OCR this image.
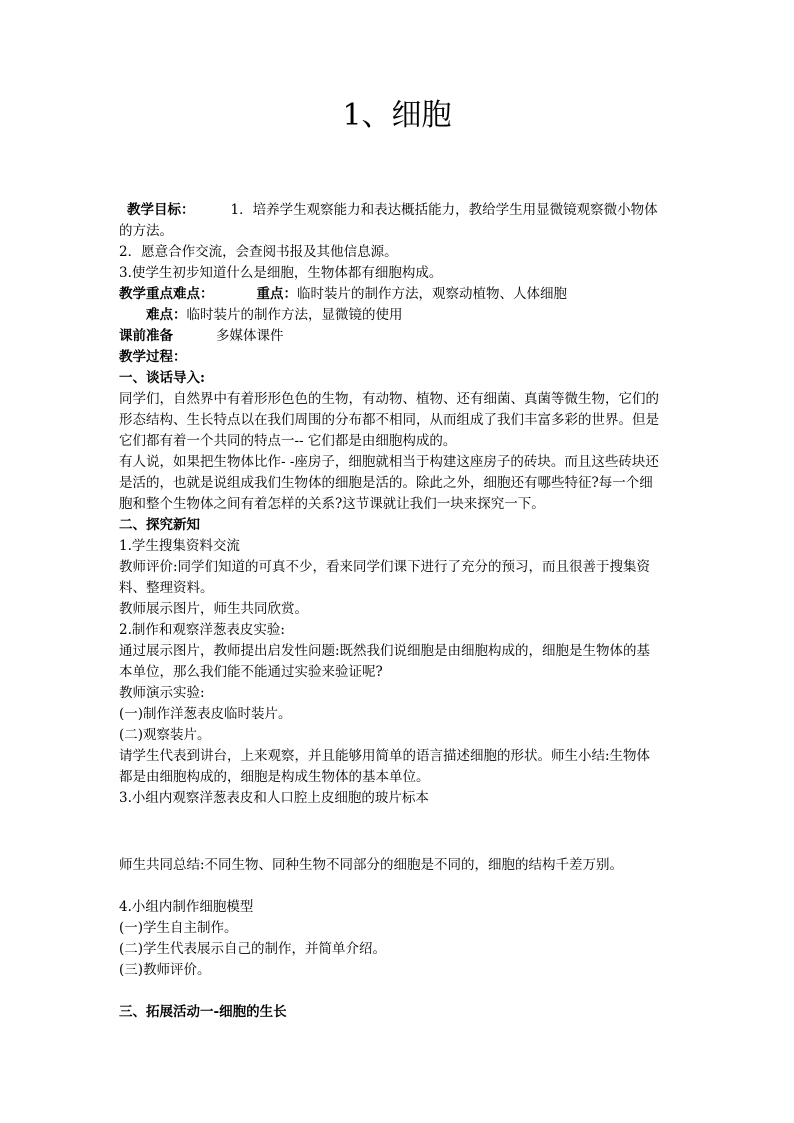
1、细胞

教学目标：	1．培养学生观察能力和表达概括能力，教给学生用显微镜观察微小物体

的方法。

2．愿意合作交流，会查阅书报及其他信息源。

3.使学生初步知道什么是细胞，生物体都有细胞构成。

教学重点难点：	重点：临时装片的制作方法，观察动植物、人体细胞

难点：临时装片的制作方法，显微镜的使用

课前准备	多媒体课件

教学过程：

一、谈话导入:

同学们，自然界中有着形形色色的生物，有动物、植物、还有细菌、真菌等微生物，它们的

形态结构、生长特点以在我们周围的分布都不相同，从而组成了我们丰富多彩的世界。但是

它们都有着一个共同的特点一-- 它们都是由细胞构成的。

有人说，如果把生物体比作- -座房子，细胞就相当于构建这座房子的砖块。而且这些砖块还

是活的，也就是说组成我们生物体的细胞是活的。除此之外，细胞还有哪些特征?每一个细

胞和整个生物体之间有着怎样的关系?这节课就让我们一块来探究一下。

二、探究新知

1.学生搜集资料交流

教师评价:同学们知道的可真不少，看来同学们课下进行了充分的预习，而且很善于搜集资

料、整理资料。

教师展示图片，师生共同欣赏。

2.制作和观察洋葱表皮实验:

通过展示图片，教师提出启发性问题:既然我们说细胞是由细胞构成的，细胞是生物体的基

本单位，那么我们能不能通过实验来验证呢?

教师演示实验:

(一)制作洋葱表皮临时装片。

(二)观察装片。

请学生代表到讲台，上来观察，并且能够用简单的语言描述细胞的形状。师生小结:生物体

都是由细胞构成的，细胞是构成生物体的基本单位。

3.小组内观察洋葱表皮和人口腔上皮细胞的玻片标本

师生共同总结:不同生物、同种生物不同部分的细胞是不同的，细胞的结构千差万别。

4.小组内制作细胞模型

(一)学生自主制作。

(二)学生代表展示自己的制作，并简单介绍。

(三)教师评价。

三、拓展活动一-细胞的生长
